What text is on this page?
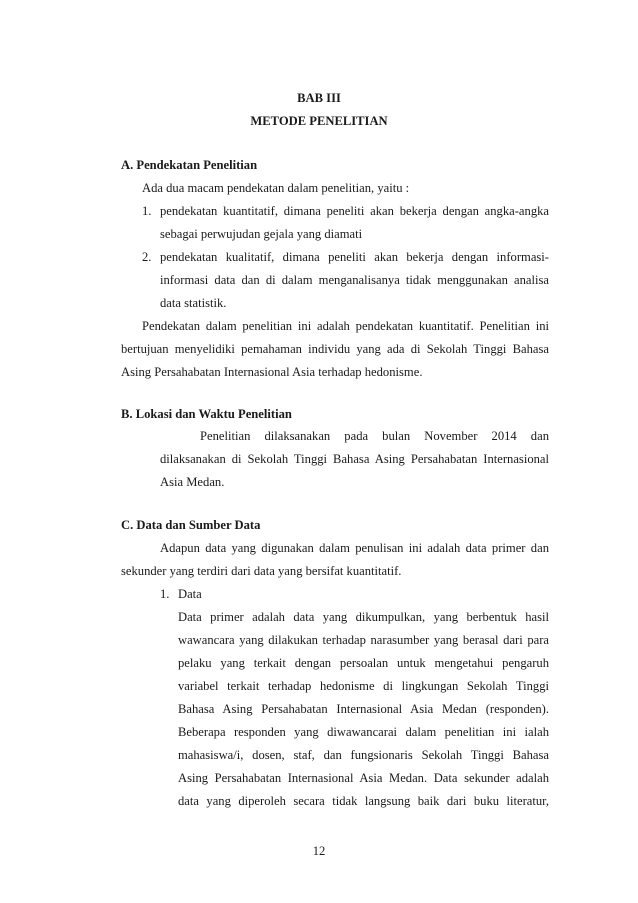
BAB III
METODE PENELITIAN
A. Pendekatan Penelitian
Ada dua macam pendekatan dalam penelitian, yaitu :
1. pendekatan kuantitatif, dimana peneliti akan bekerja dengan angka-angka
sebagai perwujudan gejala yang diamati
2. pendekatan kualitatif, dimana peneliti akan bekerja dengan informasi-
informasi data dan di dalam menganalisanya tidak menggunakan analisa
data statistik.
Pendekatan dalam penelitian ini adalah pendekatan kuantitatif. Penelitian ini
bertujuan menyelidiki pemahaman individu yang ada di Sekolah Tinggi Bahasa
Asing Persahabatan Internasional Asia terhadap hedonisme.
B. Lokasi dan Waktu Penelitian
Penelitian dilaksanakan pada bulan November 2014 dan
dilaksanakan di Sekolah Tinggi Bahasa Asing Persahabatan Internasional
Asia Medan.
C. Data dan Sumber Data
Adapun data yang digunakan dalam penulisan ini adalah data primer dan
sekunder yang terdiri dari data yang bersifat kuantitatif.
1. Data
Data primer adalah data yang dikumpulkan, yang berbentuk hasil
wawancara yang dilakukan terhadap narasumber yang berasal dari para
pelaku yang terkait dengan persoalan untuk mengetahui pengaruh
variabel terkait terhadap hedonisme di lingkungan Sekolah Tinggi
Bahasa Asing Persahabatan Internasional Asia Medan (responden).
Beberapa responden yang diwawancarai dalam penelitian ini ialah
mahasiswa/i, dosen, staf, dan fungsionaris Sekolah Tinggi Bahasa
Asing Persahabatan Internasional Asia Medan. Data sekunder adalah
data yang diperoleh secara tidak langsung baik dari buku literatur,
12
